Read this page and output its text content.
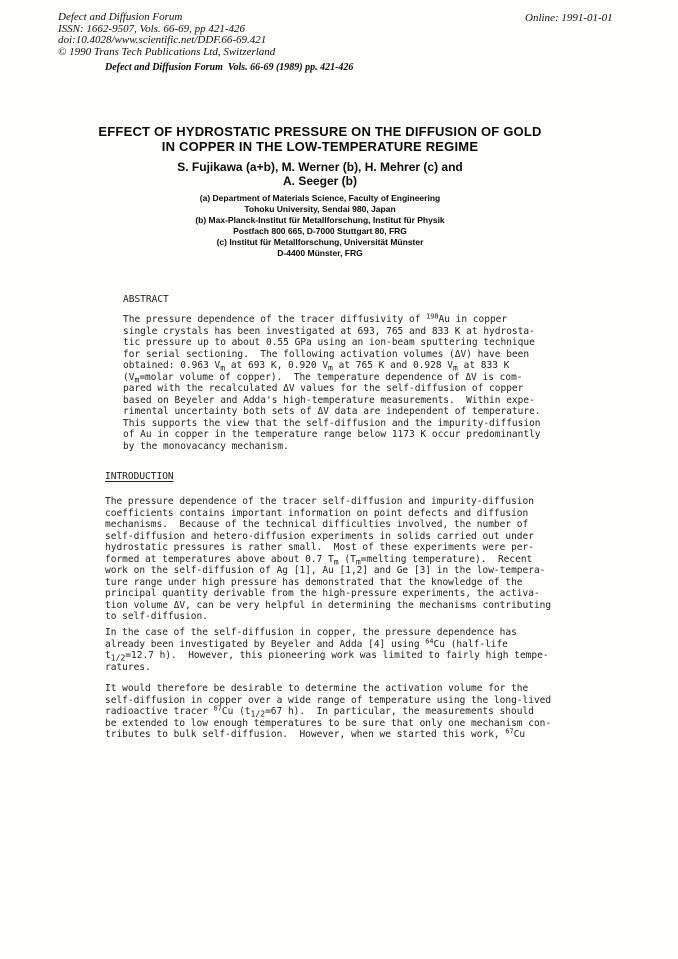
Defect and Diffusion Forum
ISSN: 1662-9507, Vols. 66-69, pp 421-426
doi:10.4028/www.scientific.net/DDF.66-69.421
© 1990 Trans Tech Publications Ltd, Switzerland
Online: 1991-01-01
Defect and Diffusion Forum  Vols. 66-69 (1989) pp. 421-426
EFFECT OF HYDROSTATIC PRESSURE ON THE DIFFUSION OF GOLD
IN COPPER IN THE LOW-TEMPERATURE REGIME
S. Fujikawa (a+b), M. Werner (b), H. Mehrer (c) and
A. Seeger (b)
(a) Department of Materials Science, Faculty of Engineering
Tohoku University, Sendai 980, Japan
(b) Max-Planck-Institut für Metallforschung, Institut für Physik
Postfach 800 665, D-7000 Stuttgart 80, FRG
(c) Institut für Metallforschung, Universität Münster
D-4400 Münster, FRG
ABSTRACT
The pressure dependence of the tracer diffusivity of $^{198}$Au in copper
single crystals has been investigated at 693, 765 and 833 K at hydrosta-
tic pressure up to about 0.55 GPa using an ion-beam sputtering technique
for serial sectioning.  The following activation volumes (ΔV) have been
obtained: 0.963 $V_m$ at 693 K, 0.920 $V_m$ at 765 K and 0.928 $V_m$ at 833 K
($V_m=molar$ volume of copper).  The temperature dependence of ΔV is com-
pared with the recalculated ΔV values for the self-diffusion of copper
based on Beyeler and Adda's high-temperature measurements.  Within expe-
rimental uncertainty both sets of ΔV data are independent of temperature.
This supports the view that the self-diffusion and the impurity-diffusion
of Au in copper in the temperature range below 1173 K occur predominantly
by the monovacancy mechanism.
INTRODUCTION
The pressure dependence of the tracer self-diffusion and impurity-diffusion
coefficients contains important information on point defects and diffusion
mechanisms.  Because of the technical difficulties involved, the number of
self-diffusion and hetero-diffusion experiments in solids carried out under
hydrostatic pressures is rather small.  Most of these experiments were per-
formed at temperatures above about 0.7 $T_m$ ($T_m=melting$ temperature).  Recent
work on the self-diffusion of Ag [1], Au [1,2] and Ge [3] in the low-tempera-
ture range under high pressure has demonstrated that the knowledge of the
principal quantity derivable from the high-pressure experiments, the activa-
tion volume ΔV, can be very helpful in determining the mechanisms contributing
to self-diffusion.
In the case of the self-diffusion in copper, the pressure dependence has
already been investigated by Beyeler and Adda [4] using $^{64}$Cu (half-life
$t_{1/2}=12.7$ h).  However, this pioneering work was limited to fairly high tempe-
ratures.
It would therefore be desirable to determine the activation volume for the
self-diffusion in copper over a wide range of temperature using the long-lived
radioactive tracer $^{67}$Cu ($t_{1/2}=67$ h).  In particular, the measurements should
be extended to low enough temperatures to be sure that only one mechanism con-
tributes to bulk self-diffusion.  However, when we started this work, $^{67}$Cu
